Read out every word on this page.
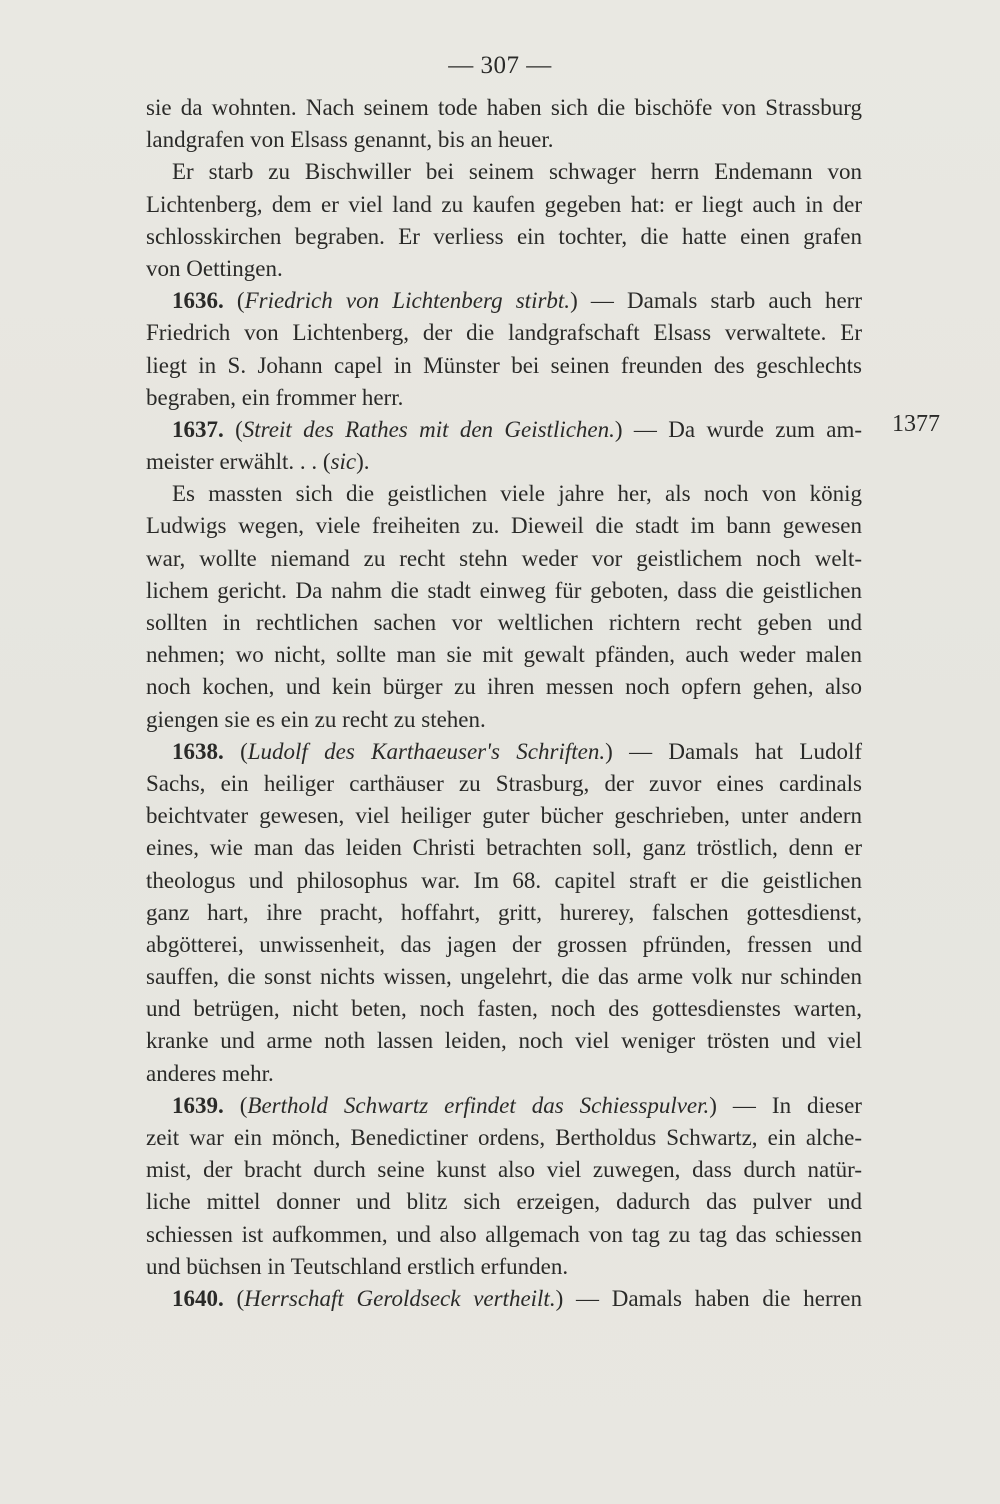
— 307 —
sie da wohnten. Nach seinem tode haben sich die bischöfe von Strassburg
landgrafen von Elsass genannt, bis an heuer.
Er starb zu Bischwiller bei seinem schwager herrn Endemann von
Lichtenberg, dem er viel land zu kaufen gegeben hat: er liegt auch in der
schlosskirchen begraben. Er verliess ein tochter, die hatte einen grafen
von Oettingen.
1636. (Friedrich von Lichtenberg stirbt.) — Damals starb auch herr
Friedrich von Lichtenberg, der die landgrafschaft Elsass verwaltete. Er
liegt in S. Johann capel in Münster bei seinen freunden des geschlechts
begraben, ein frommer herr.
1637. (Streit des Rathes mit den Geistlichen.) — Da wurde zum am-
meister erwählt. . . (sic).
Es massten sich die geistlichen viele jahre her, als noch von könig
Ludwigs wegen, viele freiheiten zu. Dieweil die stadt im bann gewesen
war, wollte niemand zu recht stehn weder vor geistlichem noch welt-
lichem gericht. Da nahm die stadt einweg für geboten, dass die geistlichen
sollten in rechtlichen sachen vor weltlichen richtern recht geben und
nehmen; wo nicht, sollte man sie mit gewalt pfänden, auch weder malen
noch kochen, und kein bürger zu ihren messen noch opfern gehen, also
giengen sie es ein zu recht zu stehen.
1638. (Ludolf des Karthaeuser's Schriften.) — Damals hat Ludolf
Sachs, ein heiliger carthäuser zu Strasburg, der zuvor eines cardinals
beichtvater gewesen, viel heiliger guter bücher geschrieben, unter andern
eines, wie man das leiden Christi betrachten soll, ganz tröstlich, denn er
theologus und philosophus war. Im 68. capitel straft er die geistlichen
ganz hart, ihre pracht, hoffahrt, gritt, hurerey, falschen gottesdienst,
abgötterei, unwissenheit, das jagen der grossen pfründen, fressen und
sauffen, die sonst nichts wissen, ungelehrt, die das arme volk nur schinden
und betrügen, nicht beten, noch fasten, noch des gottesdienstes warten,
kranke und arme noth lassen leiden, noch viel weniger trösten und viel
anderes mehr.
1639. (Berthold Schwartz erfindet das Schiesspulver.) — In dieser
zeit war ein mönch, Benedictiner ordens, Bertholdus Schwartz, ein alche-
mist, der bracht durch seine kunst also viel zuwegen, dass durch natür-
liche mittel donner und blitz sich erzeigen, dadurch das pulver und
schiessen ist aufkommen, und also allgemach von tag zu tag das schiessen
und büchsen in Teutschland erstlich erfunden.
1640. (Herrschaft Geroldseck vertheilt.) — Damals haben die herren
1377
